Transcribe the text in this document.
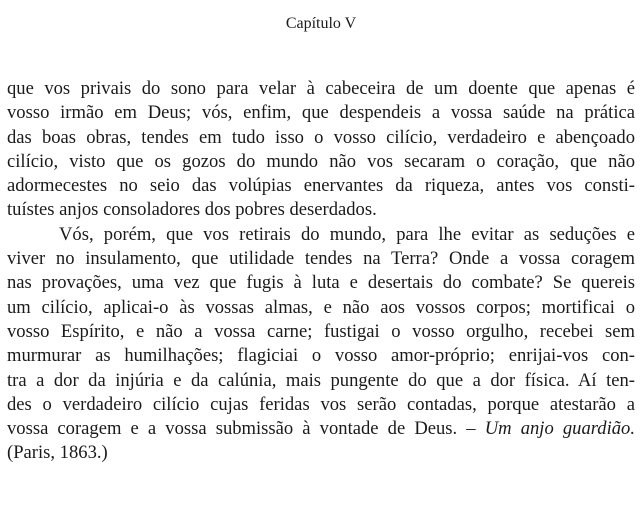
Capítulo V
que vos privais do sono para velar à cabeceira de um doente que apenas é
vosso irmão em Deus; vós, enfim, que despendeis a vossa saúde na prática
das boas obras, tendes em tudo isso o vosso cilício, verdadeiro e abençoado
cilício, visto que os gozos do mundo não vos secaram o coração, que não
adormecestes no seio das volúpias enervantes da riqueza, antes vos consti-
tuístes anjos consoladores dos pobres deserdados.
Vós, porém, que vos retirais do mundo, para lhe evitar as seduções e
viver no insulamento, que utilidade tendes na Terra? Onde a vossa coragem
nas provações, uma vez que fugis à luta e desertais do combate? Se quereis
um cilício, aplicai-o às vossas almas, e não aos vossos corpos; mortificai o
vosso Espírito, e não a vossa carne; fustigai o vosso orgulho, recebei sem
murmurar as humilhações; flagiciai o vosso amor-próprio; enrijai-vos con-
tra a dor da injúria e da calúnia, mais pungente do que a dor física. Aí ten-
des o verdadeiro cilício cujas feridas vos serão contadas, porque atestarão a
vossa coragem e a vossa submissão à vontade de Deus. – Um anjo guardião.
(Paris, 1863.)
